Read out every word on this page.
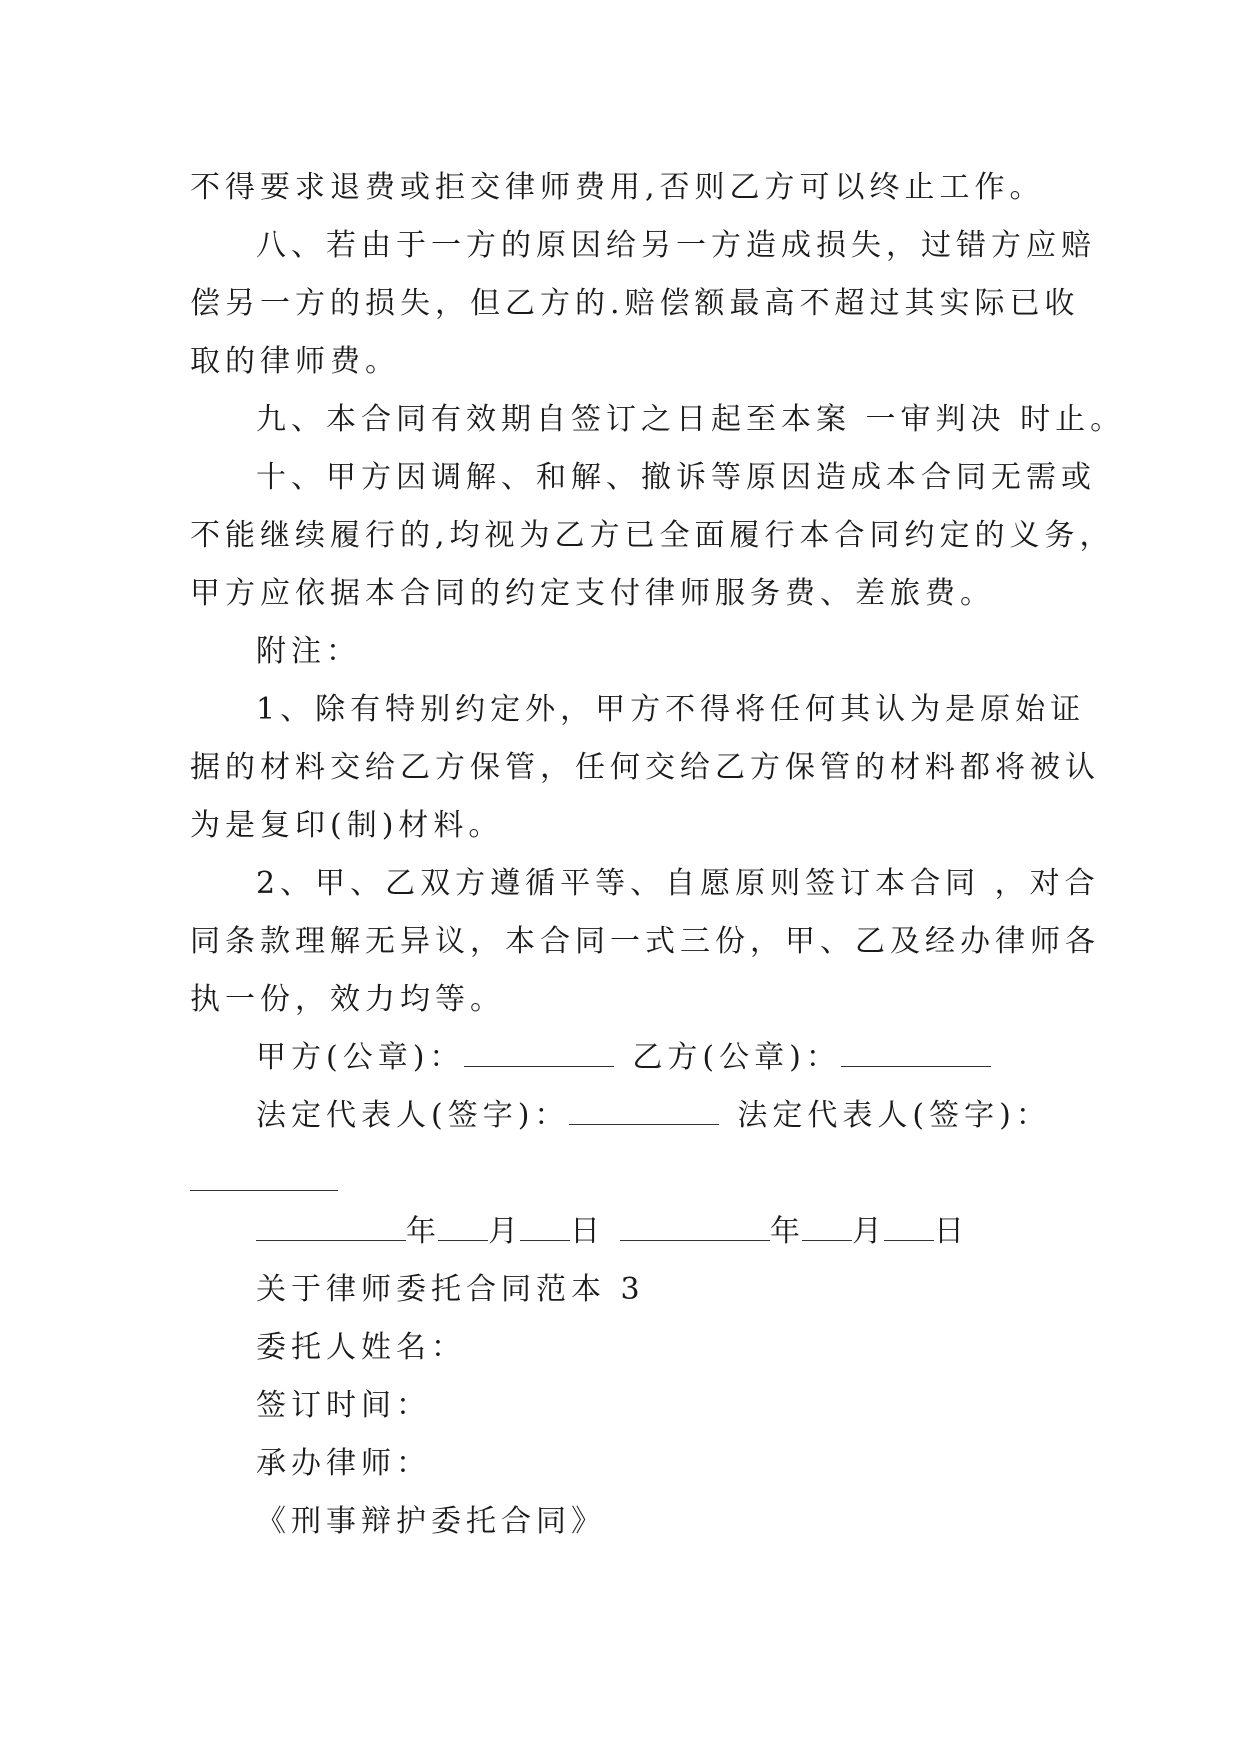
不得要求退费或拒交律师费用,否则乙方可以终止工作。
八、若由于一方的原因给另一方造成损失，过错方应赔
偿另一方的损失，但乙方的.赔偿额最高不超过其实际已收
取的律师费。
九、本合同有效期自签订之日起至本案 一审判决 时止。
十、甲方因调解、和解、撤诉等原因造成本合同无需或
不能继续履行的,均视为乙方已全面履行本合同约定的义务，
甲方应依据本合同的约定支付律师服务费、差旅费。
附注：
1、除有特别约定外，甲方不得将任何其认为是原始证
据的材料交给乙方保管，任何交给乙方保管的材料都将被认
为是复印(制)材料。
2、甲、乙双方遵循平等、自愿原则签订本合同 ，对合
同条款理解无异议，本合同一式三份，甲、乙及经办律师各
执一份，效力均等。
甲方(公章)：	乙方(公章)：
法定代表人(签字)：	法定代表人(签字)：
年 月 日	年 月 日
关于律师委托合同范本 3
委托人姓名：
签订时间：
承办律师：
《刑事辩护委托合同》
